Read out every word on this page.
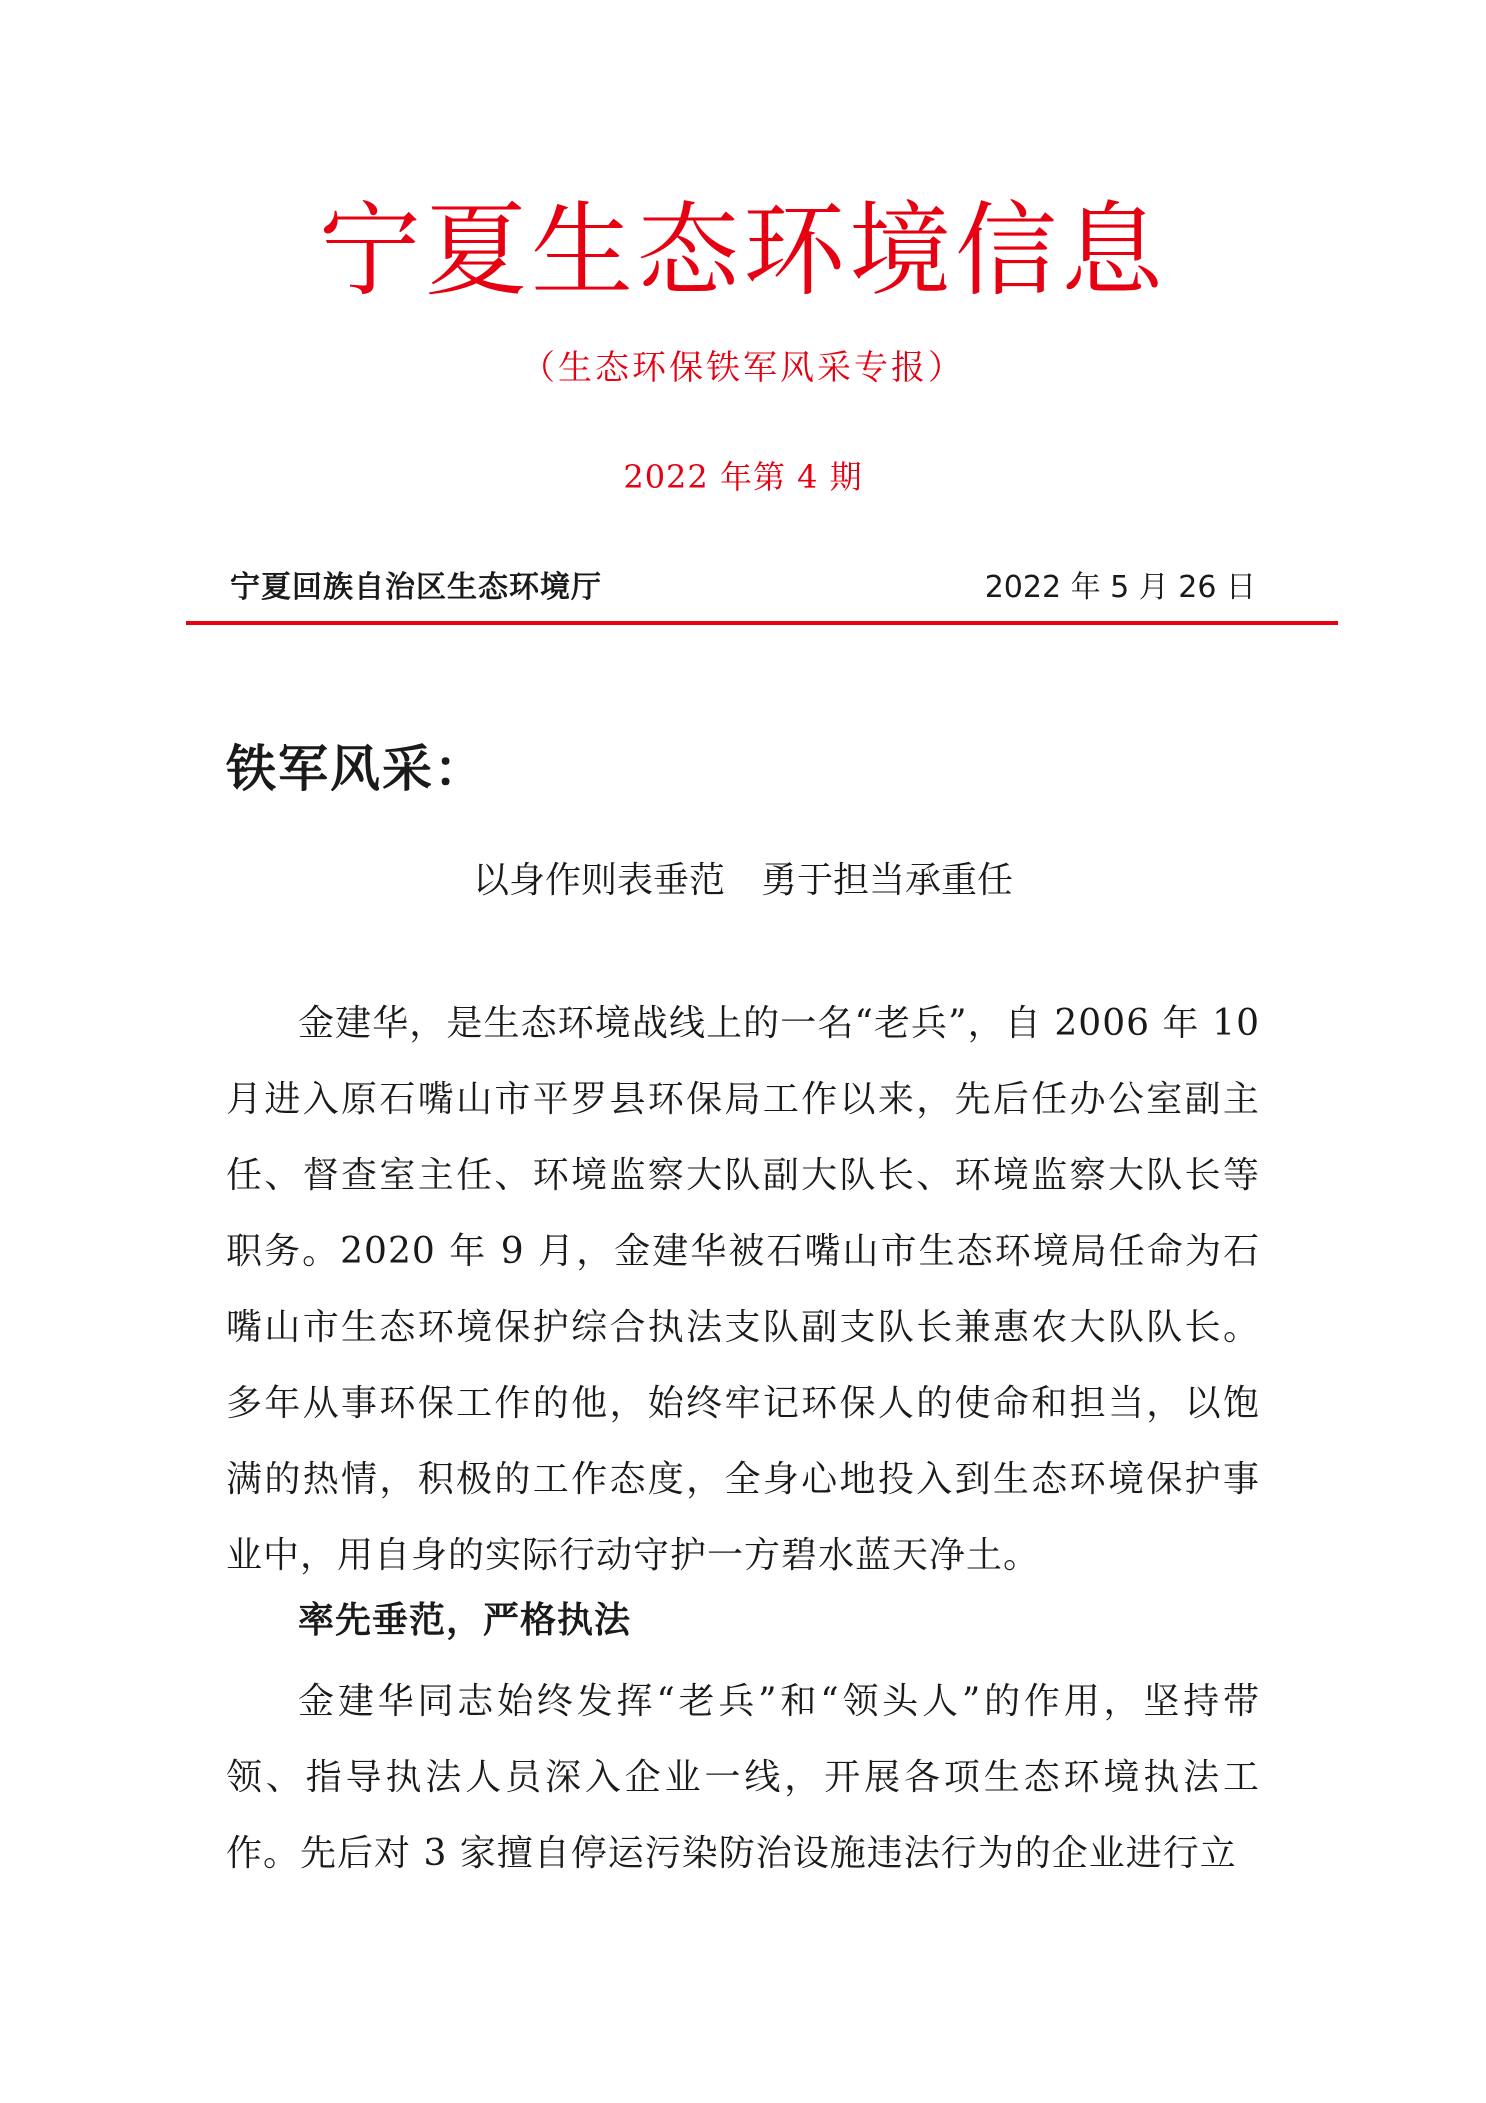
宁夏生态环境信息
（生态环保铁军风采专报）
2022 年第 4 期
宁夏回族自治区生态环境厅	2022 年 5 月 26 日
铁军风采：
以身作则表垂范　勇于担当承重任

金建华，是生态环境战线上的一名“老兵”，自 2006 年 10 月进入原石嘴山市平罗县环保局工作以来，先后任办公室副主任、督查室主任、环境监察大队副大队长、环境监察大队长等职务。2020 年 9 月，金建华被石嘴山市生态环境局任命为石嘴山市生态环境保护综合执法支队副支队长兼惠农大队队长。多年从事环保工作的他，始终牢记环保人的使命和担当，以饱满的热情，积极的工作态度，全身心地投入到生态环境保护事业中，用自身的实际行动守护一方碧水蓝天净土。

率先垂范，严格执法

金建华同志始终发挥“老兵”和“领头人”的作用，坚持带领、指导执法人员深入企业一线，开展各项生态环境执法工作。先后对 3 家擅自停运污染防治设施违法行为的企业进行立
